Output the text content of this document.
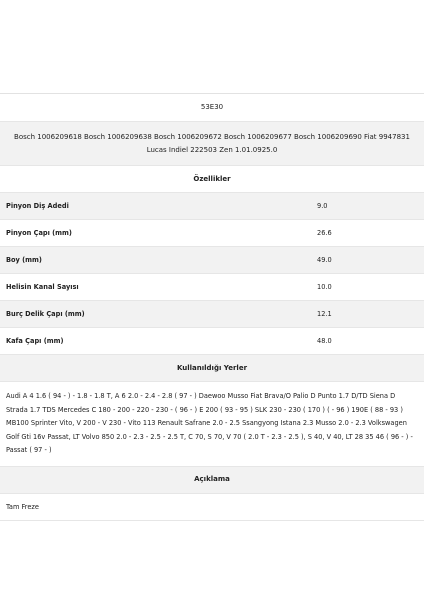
53E30
Bosch 1006209618 Bosch 1006209638 Bosch 1006209672 Bosch 1006209677 Bosch 1006209690 Fiat 9947831 Lucas Indiel 222503 Zen 1.01.0925.0
Özellikler
Pinyon Diş Adedi	9.0
Pinyon Çapı (mm)	26.6
Boy (mm)	49.0
Helisin Kanal Sayısı	10.0
Burç Delik Çapı (mm)	12.1
Kafa Çapı (mm)	48.0
Kullanıldığı Yerler
Audi A 4 1.6 ( 94 - ) - 1.8 - 1.8 T, A 6 2.0 - 2.4 - 2.8 ( 97 - ) Daewoo Musso Fiat Brava/O Palio D Punto 1.7 D/TD Siena D Strada 1.7 TDS Mercedes C 180 - 200 - 220 - 230 - ( 96 - ) E 200 ( 93 - 95 ) SLK 230 - 230 ( 170 ) ( - 96 ) 190E ( 88 - 93 ) MB100 Sprinter Vito, V 200 - V 230 - Vito 113 Renault Safrane 2.0 - 2.5 Ssangyong Istana 2.3 Musso 2.0 - 2.3 Volkswagen Golf Gti 16v Passat, LT Volvo 850 2.0 - 2.3 - 2.5 - 2.5 T, C 70, S 70, V 70 ( 2.0 T - 2.3 - 2.5 ), S 40, V 40, LT 28 35 46 ( 96 - ) - Passat ( 97 - )
Açıklama
Tam Freze
